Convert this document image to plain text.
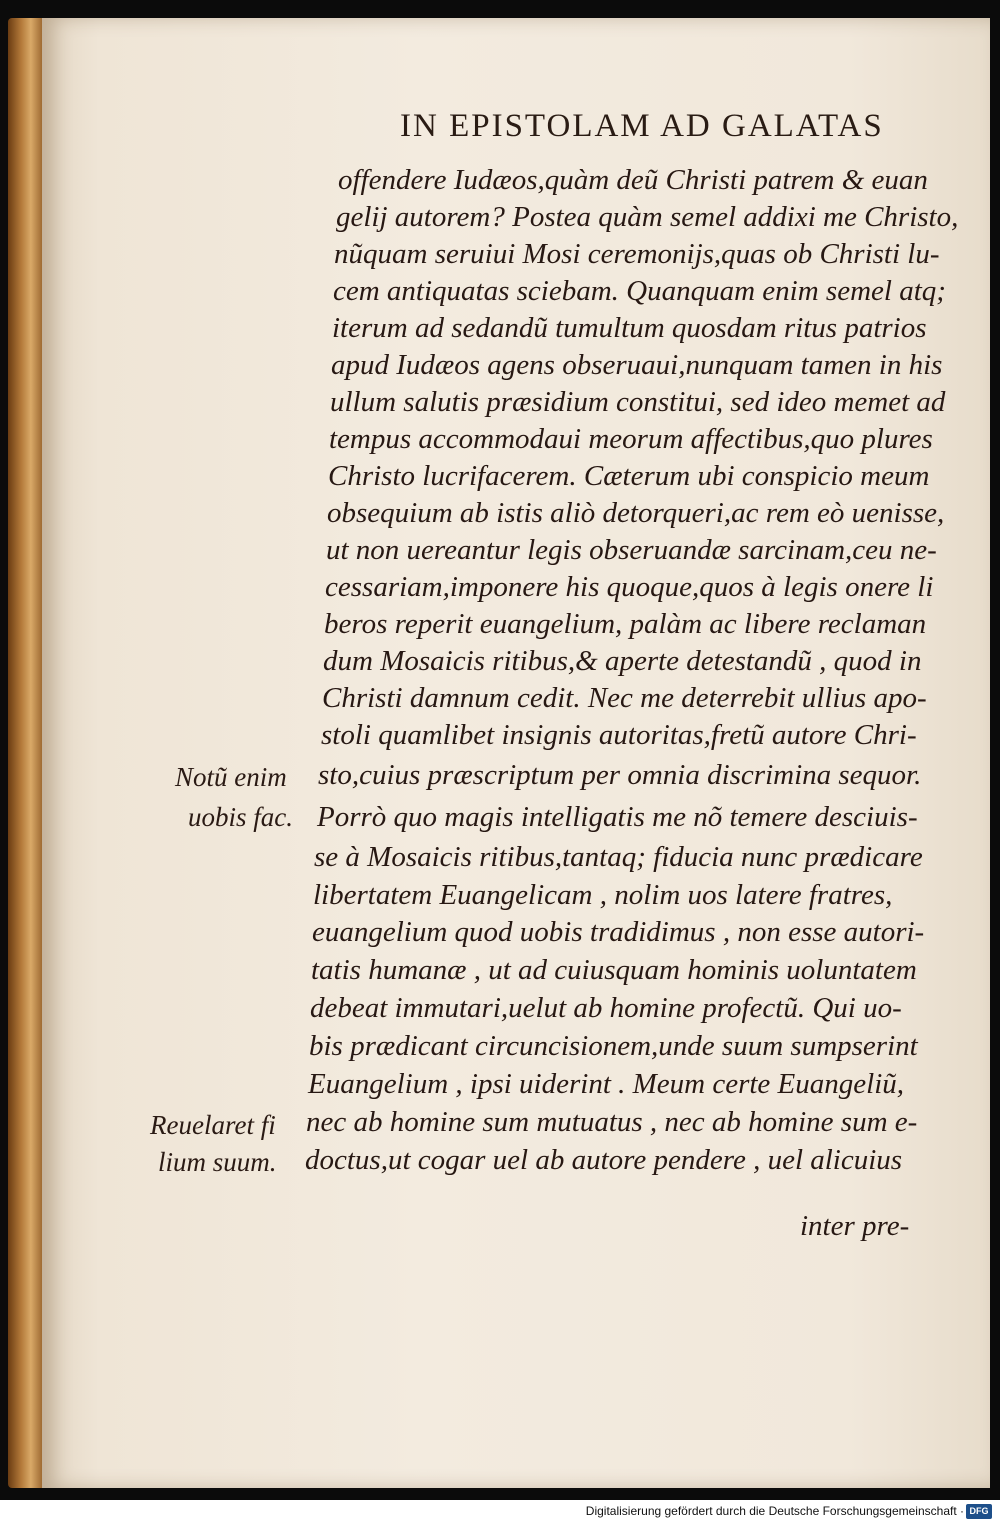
IN EPISTOLAM AD GALATAS
offendere Iudæos,quàm deũ Christi patrem & euan
gelij autorem? Postea quàm semel addixi me Christo,
nũquam seruiui Mosi ceremonijs,quas ob Christi lu-
cem antiquatas sciebam. Quanquam enim semel atq;
iterum ad sedandũ tumultum quosdam ritus patrios
apud Iudæos agens obseruaui,nunquam tamen in his
ullum salutis præsidium constitui, sed ideo memet ad
tempus accommodaui meorum affectibus,quo plures
Christo lucrifacerem. Cæterum ubi conspicio meum
obsequium ab istis aliò detorqueri,ac rem eò uenisse,
ut non uereantur legis obseruandæ sarcinam,ceu ne-
cessariam,imponere his quoque,quos à legis onere li
beros reperit euangelium, palàm ac libere reclaman
dum Mosaicis ritibus,& aperte detestandũ , quod in
Christi damnum cedit. Nec me deterrebit ullius apo-
stoli quamlibet insignis autoritas,fretũ autore Chri-
sto,cuius præscriptum per omnia discrimina sequor.
Porrò quo magis intelligatis me nõ temere desciuis-
se à Mosaicis ritibus,tantaq; fiducia nunc prædicare
libertatem Euangelicam , nolim uos latere fratres,
euangelium quod uobis tradidimus , non esse autori-
tatis humanæ , ut ad cuiusquam hominis uoluntatem
debeat immutari,uelut ab homine profectũ. Qui uo-
bis prædicant circuncisionem,unde suum sumpserint
Euangelium , ipsi uiderint . Meum certe Euangeliũ,
nec ab homine sum mutuatus , nec ab homine sum e-
doctus,ut cogar uel ab autore pendere , uel alicuius
Notũ enim
uobis fac.
Reuelaret fi
lium suum.
inter pre-
Digitalisierung gefördert durch die Deutsche Forschungsgemeinschaft · DFG
